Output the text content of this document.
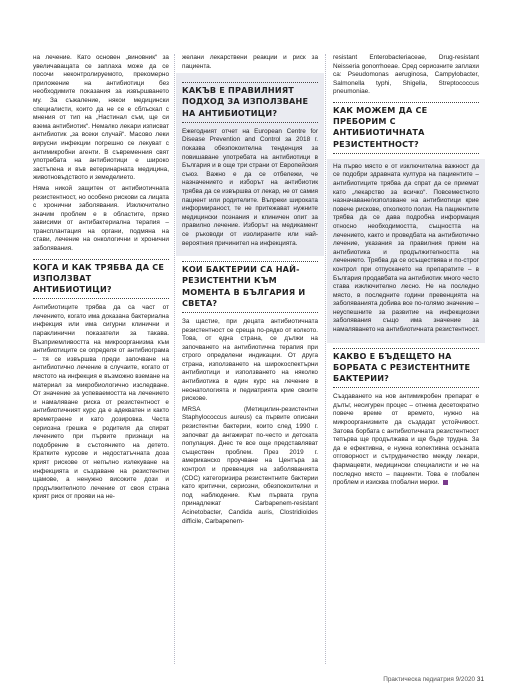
на лечение. Като основен „виновник“ за увеличаващата се заплаха може да се посочи неконтролируемото, прекомерно приложение на антибиотици без необходимите показания за извършването му. За съжаление, някои медицински специалисти, които да не се е сблъскал с мнения от тип на „Настинал съм, ще си взема антибиотик“. Немалко лекари изписват антибиотик „за всеки случай“. Масово леки вирусни инфекции погрешно се лекуват с антимикробни агенти. В съвременния свят употребата на антибиотици е широко застъпена и във ветеринарната медицина, животновъдството и земеделието.

Няма никой защитен от антибиотичната резистентност, но особено рискови са лицата с хронични заболявания. Изключително значим проблем е в областите, пряко зависими от антибактериална терапия – трансплантация на органи, подмяна на стави, лечение на онкологични и хронични заболявания.

КОГА И КАК ТРЯБВА ДА СЕ ИЗПОЛЗВАТ АНТИБИОТИЦИ?

Антибиотиците трябва да са част от лечението, когато има доказана бактериална инфекция или има сигурни клинични и параклинични показатели за такава. Възприемливостта на микроорганизма към антибиотиците се определя от антибиограма – тя се извършва преди започване на антибиотично лечение в случаите, когато от мястото на инфекция е възможно вземане на материал за микробиологично изследване. От значение за успеваемостта на лечението и намаляване риска от резистентност е антибиотичният курс да е адекватен и както времетраене и като дозировка. Честа сериозна грешка е родителя да спират лечението при първите признаци на подобрение в състоянието на детето. Кратките курсове и недостатъчната доза крият рискове от непълно излекуване на инфекцията и създаване на резистентни щамове, а ненужно високите дози и продължителното лечение от своя страна крият риск от прояви на не-

желани лекарствени реакции и риск за пациента.

КАКЪВ Е ПРАВИЛНИЯТ ПОДХОД ЗА ИЗПОЛЗВАНЕ НА АНТИБИОТИЦИ?

Ежегодният отчет на European Centre for Disease Prevention and Control за 2018 г. показва обезпокоителна тенденция за повишаване употребата на антибиотици в България и в още три страни от Европейския съюз. Важно е да се отбележи, че назначението и изборът на антибиотик трябва да се извършва от лекар, не от самия пациент или родителите. Въпреки широката информираност, те не притежават нужните медицински познания и клиничен опит за правилно лечение. Изборът на медикамент се ръководи от изолираните или най-вероятния причинител на инфекцията.

КОИ БАКТЕРИИ СА НАЙ-РЕЗИСТЕНТНИ КЪМ МОМЕНТА В БЪЛГАРИЯ И СВЕТА?

За щастие, при децата антибиотичната резистентност се среща по-рядко от колкото. Това, от една страна, се дължи на започването на антибиотична терапия при строго определени индикации. От друга страна, използването на широкоспектърни антибиотици и използването на няколко антибиотика в един курс на лечение в неонатологията и педиатрията крие своите рискове.

MRSA (Метицилин-резистентни Staphylococcus aureus) са първите описани резистентни бактерии, които след 1990 г. започват да ангажират по-често и детската популация. Днес те все още представляват съществен проблем. През 2019 г. американско проучване на Центъра за контрол и превенция на заболяванията (CDC) категоризира резистентните бактерии като критични, сериозни, обезпокоителни и под наблюдение. Към първата група принадлежат Carbapenem-resistant Acinetobacter, Candida auris, Clostridioides difficile, Carbapenem-

resistant Enterobacteriaceae, Drug-resistant Neisseria gonorrhoeae. Сред сериозните заплахи са: Pseudomonas aeruginosa, Campylobacter, Salmonella typhi, Shigella, Streptococcus pneumoniae.

КАК МОЖЕМ ДА СЕ ПРЕБОРИМ С АНТИБИОТИЧНАТА РЕЗИСТЕНТНОСТ?

На първо място е от изключителна важност да се подобри здравната култура на пациентите – антибиотиците трябва да спрат да се приемат като „лекарство за всичко“. Повсеместното назначаване/използване на антибиотици крие повече рискове, отколкото ползи. На пациентите трябва да се дава подробна информация относно необходимостта, същността на лечението, както и проведбата на антибиотично лечение, указания за правилния прием на антибиотика и продължителността на лечението. Трябва да се осъществява и по-строг контрол при отпускането на препаратите – в България продавбата на антибиотик много често става изключително лесно. Не на последно място, в последните години превенцията на заболяванията добива все по-голямо значение – неуспешните за развитие на инфекциозни заболявания също има значение за намаляването на антибиотичната резистентност.

КАКВО Е БЪДЕЩЕТО НА БОРБАТА С РЕЗИСТЕНТНИТЕ БАКТЕРИИ?

Създаването на нов антимикробен препарат е дълъг, несигурен процес – отнема десетократно повече време от времето, нужно на микроорганизмите да създадат устойчивост. Затова борбата с антибиотичната резистентност тепърва ще продължава и ще бъде трудна. За да е ефективна, е нужна колективна осъзната отговорност и сътрудничество между лекари, фармацевти, медицински специалисти и не на последно място – пациенти. Това е глобален проблем и изисква глобални мерки.

Практическа педиатрия 9/2020 31
